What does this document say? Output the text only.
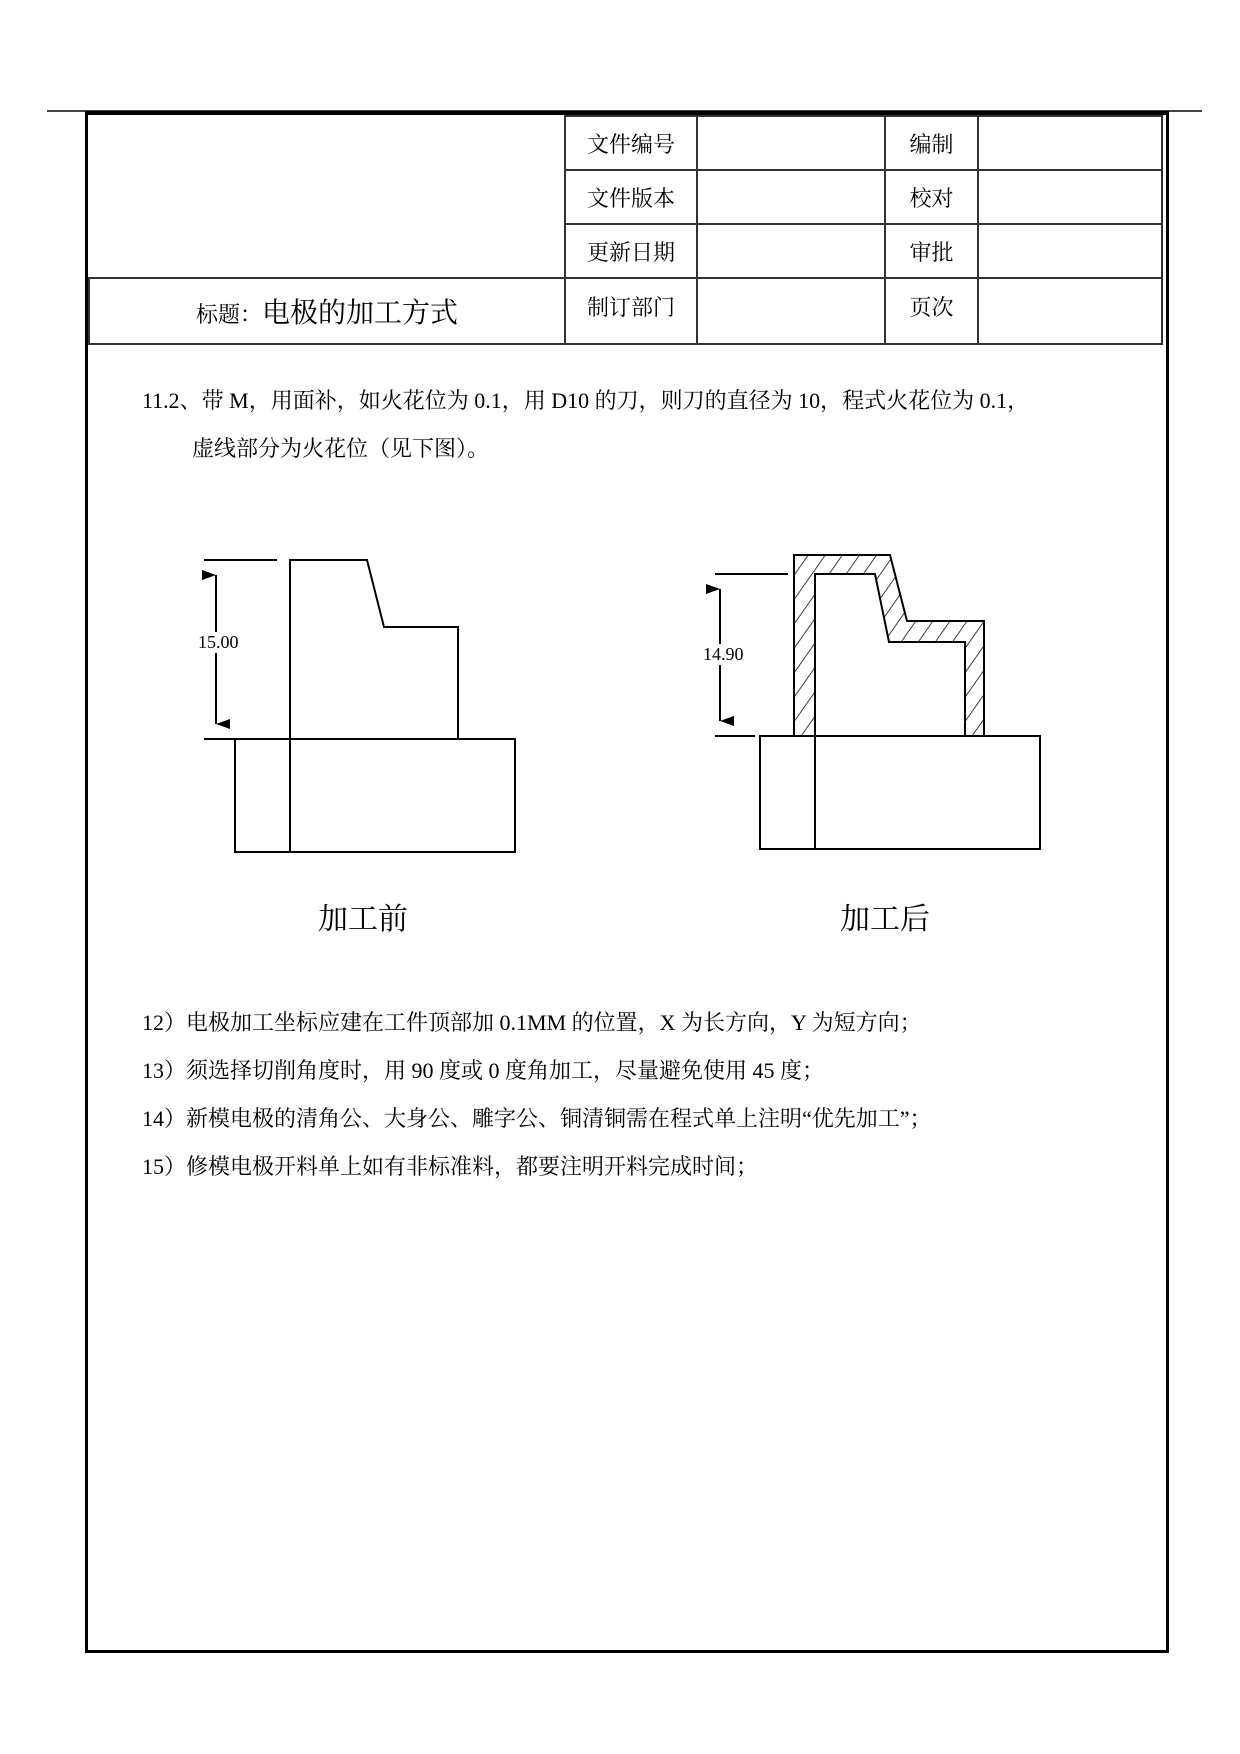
	文件编号		编制	
	文件版本		校对	
	更新日期		审批	
标题：电极的加工方式	制订部门		页次	
11.2、带 M，用面补，如火花位为 0.1，用 D10 的刀，则刀的直径为 10，程式火花位为 0.1，
虚线部分为火花位（见下图）。
15.00
14.90
加工前	加工后
12）电极加工坐标应建在工件顶部加 0.1MM 的位置，X 为长方向，Y 为短方向；
13）须选择切削角度时，用 90 度或 0 度角加工，尽量避免使用 45 度；
14）新模电极的清角公、大身公、雕字公、铜清铜需在程式单上注明“优先加工”；
15）修模电极开料单上如有非标准料，都要注明开料完成时间；
